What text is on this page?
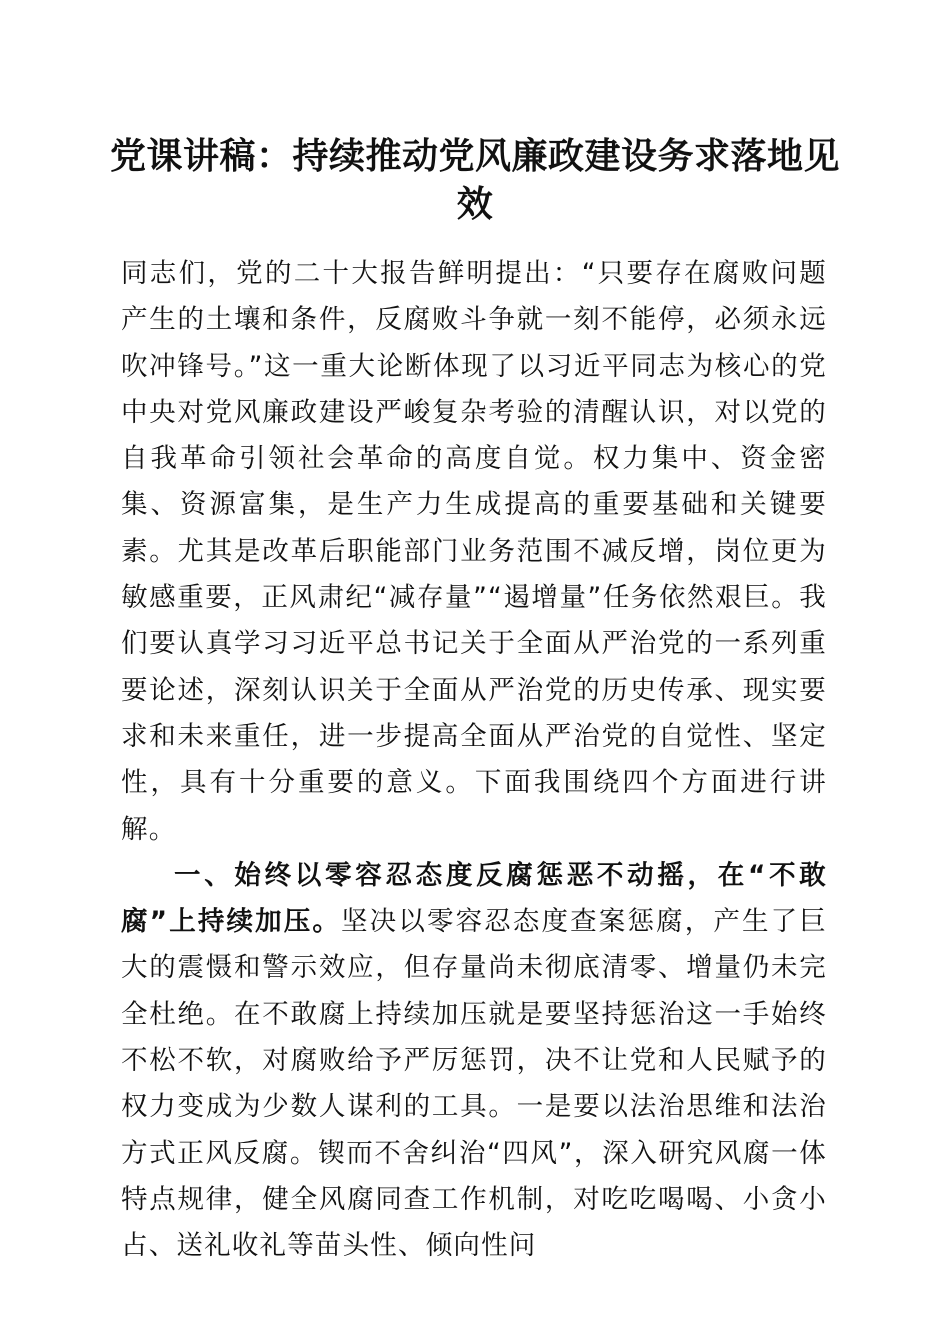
党课讲稿：持续推动党风廉政建设务求落地见效

同志们，党的二十大报告鲜明提出：“只要存在腐败问题产生的土壤和条件，反腐败斗争就一刻不能停，必须永远吹冲锋号。”这一重大论断体现了以习近平同志为核心的党中央对党风廉政建设严峻复杂考验的清醒认识，对以党的自我革命引领社会革命的高度自觉。权力集中、资金密集、资源富集，是生产力生成提高的重要基础和关键要素。尤其是改革后职能部门业务范围不减反增，岗位更为敏感重要，正风肃纪“减存量”“遏增量”任务依然艰巨。我们要认真学习习近平总书记关于全面从严治党的一系列重要论述，深刻认识关于全面从严治党的历史传承、现实要求和未来重任，进一步提高全面从严治党的自觉性、坚定性，具有十分重要的意义。下面我围绕四个方面进行讲解。

一、始终以零容忍态度反腐惩恶不动摇，在“不敢腐”上持续加压。坚决以零容忍态度查案惩腐，产生了巨大的震慑和警示效应，但存量尚未彻底清零、增量仍未完全杜绝。在不敢腐上持续加压就是要坚持惩治这一手始终不松不软，对腐败给予严厉惩罚，决不让党和人民赋予的权力变成为少数人谋利的工具。一是要以法治思维和法治方式正风反腐。锲而不舍纠治“四风”，深入研究风腐一体特点规律，健全风腐同查工作机制，对吃吃喝喝、小贪小占、送礼收礼等苗头性、倾向性问
